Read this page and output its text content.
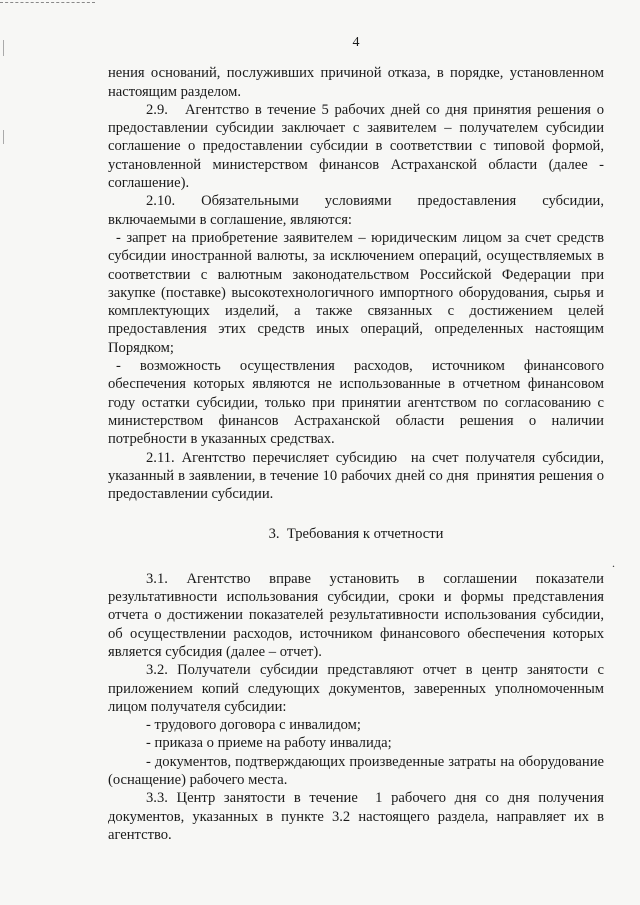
.
4

нения оснований, послуживших причиной отказа, в порядке, установленном настоящим разделом.

2.9.   Агентство в течение 5 рабочих дней со дня принятия решения о предоставлении субсидии заключает с заявителем – получателем субсидии соглашение о предоставлении субсидии в соответствии с типовой формой, установленной министерством финансов Астраханской области (далее - соглашение).

2.10. Обязательными условиями предоставления субсидии, включаемыми в соглашение, являются:

- запрет на приобретение заявителем – юридическим лицом за счет средств субсидии иностранной валюты, за исключением операций, осуществляемых в соответствии с валютным законодательством Российской Федерации при закупке (поставке) высокотехнологичного импортного оборудования, сырья и комплектующих изделий, а также связанных с достижением целей предоставления этих средств иных операций, определенных настоящим Порядком;

- возможность осуществления расходов, источником финансового обеспечения которых являются не использованные в отчетном финансовом году остатки субсидии, только при принятии агентством по согласованию с министерством финансов Астраханской области решения о наличии потребности в указанных средствах.

2.11. Агентство перечисляет субсидию  на счет получателя субсидии, указанный в заявлении, в течение 10 рабочих дней со дня  принятия решения о предоставлении субсидии.

3.  Требования к отчетности

3.1. Агентство вправе установить в соглашении показатели результативности использования субсидии, сроки и формы представления отчета о достижении показателей результативности использования субсидии, об осуществлении расходов, источником финансового обеспечения которых является субсидия (далее – отчет).

3.2. Получатели субсидии представляют отчет в центр занятости с приложением копий следующих документов, заверенных уполномоченным лицом получателя субсидии:

- трудового договора с инвалидом;

- приказа о приеме на работу инвалида;

- документов, подтверждающих произведенные затраты на оборудование (оснащение) рабочего места.

3.3. Центр занятости в течение  1 рабочего дня со дня получения документов, указанных в пункте 3.2 настоящего раздела, направляет их в агентство.
